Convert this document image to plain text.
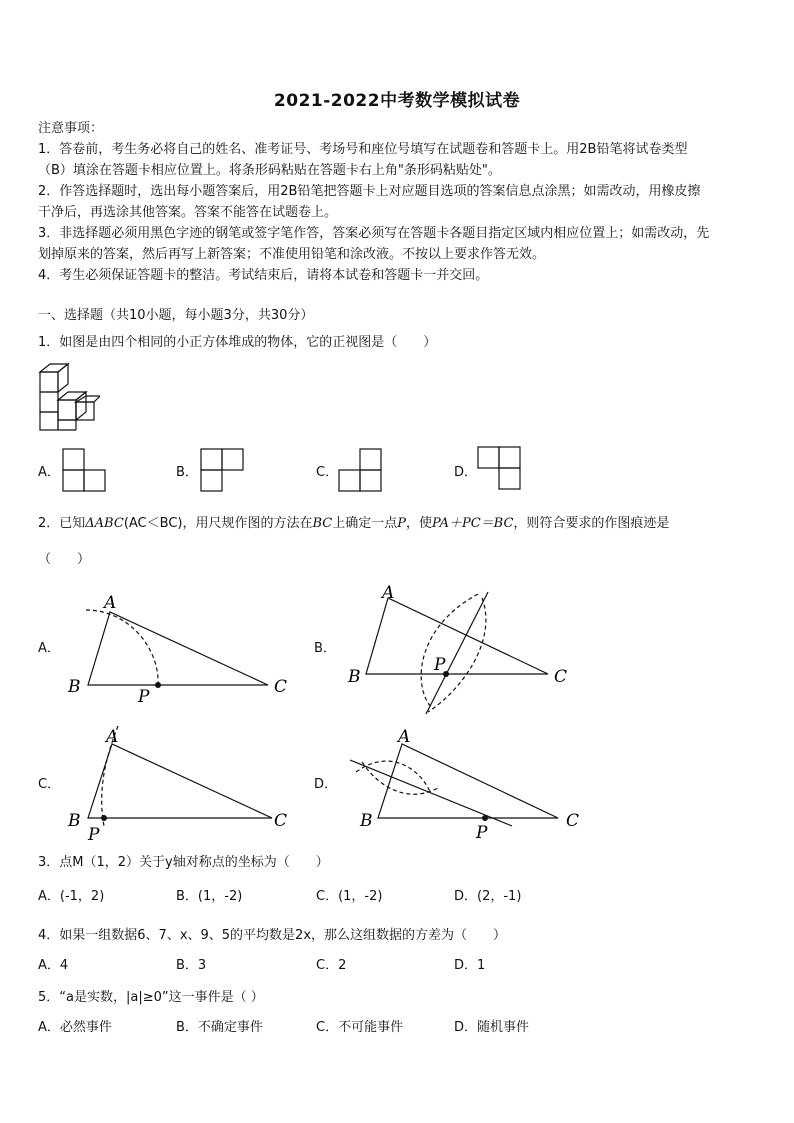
2021-2022中考数学模拟试卷
注意事项：
1．答卷前，考生务必将自己的姓名、准考证号、考场号和座位号填写在试题卷和答题卡上。用2B铅笔将试卷类型
（B）填涂在答题卡相应位置上。将条形码粘贴在答题卡右上角"条形码粘贴处"。
2．作答选择题时，选出每小题答案后，用2B铅笔把答题卡上对应题目选项的答案信息点涂黑；如需改动，用橡皮擦
干净后，再选涂其他答案。答案不能答在试题卷上。
3．非选择题必须用黑色字迹的钢笔或签字笔作答，答案必须写在答题卡各题目指定区域内相应位置上；如需改动，先
划掉原来的答案，然后再写上新答案；不准使用铅笔和涂改液。不按以上要求作答无效。
4．考生必须保证答题卡的整洁。考试结束后，请将本试卷和答题卡一并交回。
一、选择题（共10小题，每小题3分，共30分）
1．如图是由四个相同的小正方体堆成的物体，它的正视图是（　　）
A．	B．	C．	D．
2．已知ΔABC(AC＜BC)，用尺规作图的方法在BC上确定一点P，使PA＋PC＝BC，则符合要求的作图痕迹是
（　　）
A．
A
B	C
P
B．
A
B	C
P
C．
A
B	C
P
D．
A
B	C
P
3．点M（1，2）关于y轴对称点的坐标为（　　）
A．(-1，2)	B．(1，-2)	C．(1，-2)	D．(2，-1)
4．如果一组数据6、7、x、9、5的平均数是2x，那么这组数据的方差为（　　）
A．4	B．3	C．2	D．1
5．“a是实数，|a|≥0”这一事件是（ ）
A．必然事件	B．不确定事件	C．不可能事件	D．随机事件
